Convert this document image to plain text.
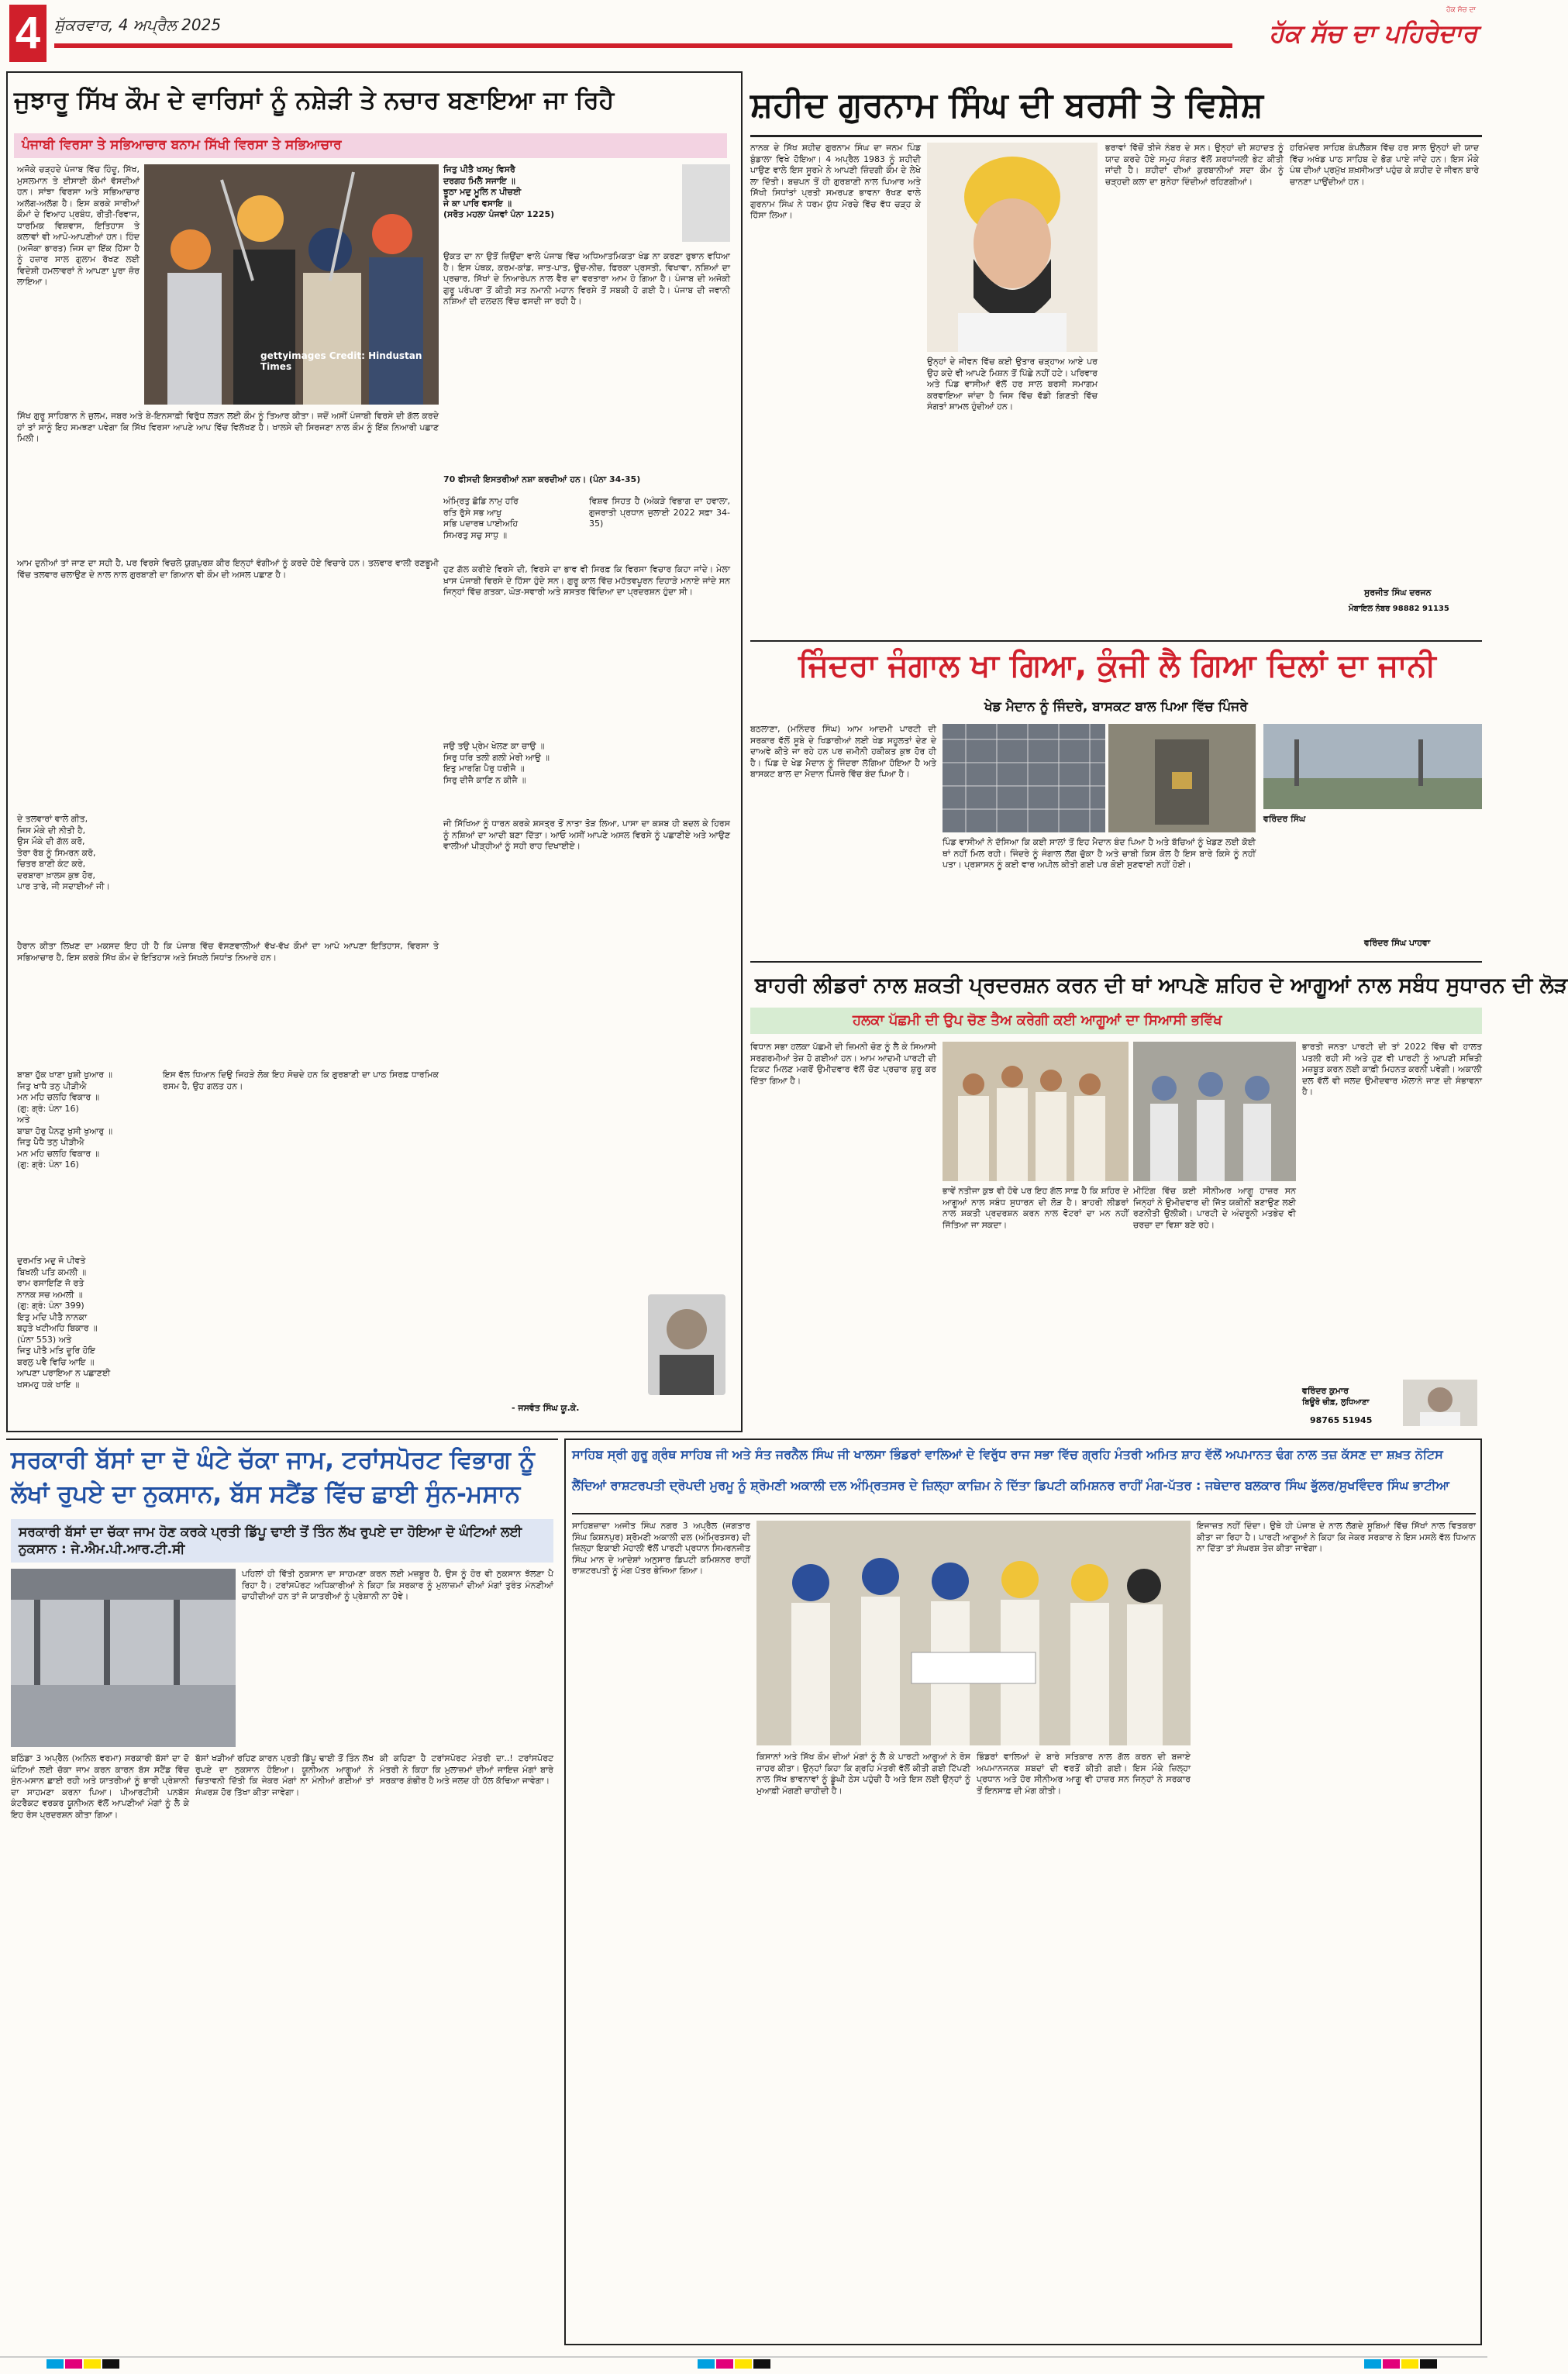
4 ਸ਼ੁੱਕਰਵਾਰ, 4 ਅਪ੍ਰੈਲ 2025
ਹੱਕ ਸੱਚ ਦਾ
ਹੱਕ ਸੱਚ ਦਾ ਪਹਿਰੇਦਾਰ
ਜੁਝਾਰੂ ਸਿੱਖ ਕੌਮ ਦੇ ਵਾਰਿਸਾਂ ਨੂੰ ਨਸ਼ੇੜੀ ਤੇ ਨਚਾਰ ਬਣਾਇਆ ਜਾ ਰਿਹੈ
ਪੰਜਾਬੀ ਵਿਰਸਾ ਤੇ ਸਭਿਆਚਾਰ ਬਨਾਮ ਸਿੱਖੀ ਵਿਰਸਾ ਤੇ ਸਭਿਆਚਾਰ
ਅਜੋਕੇ ਚੜ੍ਹਦੇ ਪੰਜਾਬ ਵਿੱਚ ਹਿੰਦੂ, ਸਿੱਖ, ਮੁਸਲਮਾਨ ਤੇ ਈਸਾਈ ਕੌਮਾਂ ਵੱਸਦੀਆਂ ਹਨ। ਸਾਂਝਾ ਵਿਰਸਾ ਅਤੇ ਸਭਿਆਚਾਰ ਅਲੱਗ-ਅਲੱਗ ਹੈ। ਇਸ ਕਰਕੇ ਸਾਰੀਆਂ ਕੌਮਾਂ ਦੇ ਵਿਆਹ ਪ੍ਰਬੰਧ, ਰੀਤੀ-ਰਿਵਾਜ, ਧਾਰਮਿਕ ਵਿਸ਼ਵਾਸ, ਇਤਿਹਾਸ ਤੇ ਕਲਾਵਾਂ ਵੀ ਆਪੋ-ਆਪਣੀਆਂ ਹਨ। ਹਿੰਦ (ਅਜੋਕਾ ਭਾਰਤ) ਜਿਸ ਦਾ ਇੱਕ ਹਿੱਸਾ ਹੈ ਨੂੰ ਹਜ਼ਾਰ ਸਾਲ ਗੁਲਾਮ ਰੱਖਣ ਲਈ ਵਿਦੇਸ਼ੀ ਹਮਲਾਵਰਾਂ ਨੇ ਆਪਣਾ ਪੂਰਾ ਜ਼ੋਰ ਲਾਇਆ।
gettyimages Credit: Hindustan Times
ਜਿਤੁ ਪੀਤੈ ਖਸਮੁ ਵਿਸਰੈ
ਦਰਗਹ ਮਿਲੈ ਸਜਾਇ ॥
ਝੂਠਾ ਮਦੁ ਮੂਲਿ ਨ ਪੀਚਈ
ਜੇ ਕਾ ਪਾਰਿ ਵਸਾਇ ॥
(ਸਰੋਤ ਮਹਲਾ ਪੰਜਵਾਂ ਪੰਨਾ 1225)
ਉਕਤ ਦਾ ਨਾ ਉਤੋਂ ਜ਼ਿਉਂਦਾ ਵਾਲੇ ਪੰਜਾਬ ਵਿੱਚ ਅਧਿਆਤਮਿਕਤਾ ਖੰਡ ਨਾ ਕਰਣਾ ਰੁਝਾਨ ਵਧਿਆ ਹੈ। ਇਸ ਪੰਥਕ, ਕਰਮ-ਕਾਂਡ, ਜਾਤ-ਪਾਤ, ਊਚ-ਨੀਚ, ਫਿਰਕਾ ਪ੍ਰਸਤੀ, ਵਿਖਾਵਾ, ਨਸ਼ਿਆਂ ਦਾ ਪ੍ਰਚਾਰ, ਸਿੱਖਾਂ ਦੇ ਨਿਆਰੇਪਨ ਨਾਲ ਵੈਰ ਦਾ ਵਰਤਾਰਾ ਆਮ ਹੋ ਗਿਆ ਹੈ। ਪੰਜਾਬ ਦੀ ਅਜੋਕੀ ਗੁਰੂ ਪਰੰਪਰਾ ਤੋਂ ਕੀਤੀ ਸਤ ਨਮਾਨੀ ਮਹਾਨ ਵਿਰਸੇ ਤੋਂ ਸਬਕੀ ਹੋ ਗਈ ਹੈ। ਪੰਜਾਬ ਦੀ ਜਵਾਨੀ ਨਸ਼ਿਆਂ ਦੀ ਦਲਦਲ ਵਿੱਚ ਫਸਦੀ ਜਾ ਰਹੀ ਹੈ।
ਸਿੱਖ ਗੁਰੂ ਸਾਹਿਬਾਨ ਨੇ ਜ਼ੁਲਮ, ਜਬਰ ਅਤੇ ਬੇ-ਇਨਸਾਫ਼ੀ ਵਿਰੁੱਧ ਲੜਨ ਲਈ ਕੌਮ ਨੂੰ ਤਿਆਰ ਕੀਤਾ। ਜਦੋਂ ਅਸੀਂ ਪੰਜਾਬੀ ਵਿਰਸੇ ਦੀ ਗੱਲ ਕਰਦੇ ਹਾਂ ਤਾਂ ਸਾਨੂੰ ਇਹ ਸਮਝਣਾ ਪਵੇਗਾ ਕਿ ਸਿੱਖ ਵਿਰਸਾ ਆਪਣੇ ਆਪ ਵਿੱਚ ਵਿਲੱਖਣ ਹੈ। ਖਾਲਸੇ ਦੀ ਸਿਰਜਣਾ ਨਾਲ ਕੌਮ ਨੂੰ ਇੱਕ ਨਿਆਰੀ ਪਛਾਣ ਮਿਲੀ।
70 ਫੀਸਦੀ ਇਸਤਰੀਆਂ ਨਸ਼ਾ ਕਰਦੀਆਂ ਹਨ। (ਪੰਨਾ 34-35)
ਅੰਮ੍ਰਿਤੁ ਛੋਡਿ ਨਾਮੁ ਹਰਿ
ਰਤਿ ਰੁੱਸੇ ਸਭ ਆਖੁ
ਸਭਿ ਪਦਾਰਥ ਪਾਈਅਹਿ
ਸਿਮਰਤੁ ਸਚੁ ਸਾਧੁ ॥
ਵਿਸ਼ਵ ਸਿਹਤ ਹੈ (ਅੰਕੜੇ ਵਿਭਾਗ ਦਾ ਹਵਾਲਾ, ਗੁਜਰਾਤੀ ਪ੍ਰਧਾਨ ਜੁਲਾਈ 2022 ਸਫ਼ਾ 34-35)
ਆਮ ਦੁਨੀਆਂ ਤਾਂ ਜਾਣ ਦਾ ਸਹੀ ਹੈ, ਪਰ ਵਿਰਸੇ ਵਿਚਲੇ ਯੁਗਪੁਰਸ਼ ਕੀਰ ਇਨ੍ਹਾਂ ਵੰਗੀਆਂ ਨੂੰ ਕਰਦੇ ਹੋਏ ਵਿਚਾਰੇ ਹਨ। ਤਲਵਾਰ ਵਾਲੀ ਰਣਭੂਮੀ ਵਿੱਚ ਤਲਵਾਰ ਚਲਾਉਣ ਦੇ ਨਾਲ ਨਾਲ ਗੁਰਬਾਣੀ ਦਾ ਗਿਆਨ ਵੀ ਕੌਮ ਦੀ ਅਸਲ ਪਛਾਣ ਹੈ।
ਹੁਣ ਗੱਲ ਕਰੀਏ ਵਿਰਸੇ ਦੀ, ਵਿਰਸੇ ਦਾ ਭਾਵ ਵੀ ਸਿਰਫ਼ ਕਿ ਵਿਰਸਾ ਵਿਚਾਰ ਕਿਹਾ ਜਾਂਦੇ। ਮੇਲਾ ਖ਼ਾਸ ਪੰਜਾਬੀ ਵਿਰਸੇ ਦੇ ਹਿੱਸਾ ਹੁੰਦੇ ਸਨ। ਗੁਰੂ ਕਾਲ ਵਿੱਚ ਮਹੱਤਵਪੂਰਨ ਦਿਹਾੜੇ ਮਨਾਏ ਜਾਂਦੇ ਸਨ ਜਿਨ੍ਹਾਂ ਵਿੱਚ ਗਤਕਾ, ਘੋੜ-ਸਵਾਰੀ ਅਤੇ ਸ਼ਸਤਰ ਵਿੱਦਿਆ ਦਾ ਪ੍ਰਦਰਸ਼ਨ ਹੁੰਦਾ ਸੀ।
ਜਉ ਤਉ ਪ੍ਰੇਮ ਖੇਲਣ ਕਾ ਚਾਉ ॥
ਸਿਰੁ ਧਰਿ ਤਲੀ ਗਲੀ ਮੇਰੀ ਆਉ ॥
ਇਤੁ ਮਾਰਗਿ ਪੈਰੁ ਧਰੀਜੈ ॥
ਸਿਰੁ ਦੀਜੈ ਕਾਣਿ ਨ ਕੀਜੈ ॥
ਦੇ ਤਲਵਾਰਾਂ ਵਾਲੇ ਗੀਤ,
ਜਿਸ ਮੌਕੇ ਦੀ ਨੀਤੀ ਹੈ,
ਉਸ ਮੌਕੇ ਦੀ ਗੱਲ ਕਰੋ,
ਤੇਰਾ ਰੱਬ ਨੂੰ ਸਿਮਰਨ ਕਰੋ,
ਚਿਤਰ ਬਾਣੀ ਕੰਟ ਕਰੇ,
ਦਰਬਾਰਾ ਖ਼ਾਲਸ ਕੁਝ ਹੋਰ,
ਪਾਰ ਤਾਰੇ, ਜੀ ਸਦਾਈਆਂ ਜੀ।
ਹੈਰਾਨ ਕੀਤਾ ਲਿਖਣ ਦਾ ਮਕਸਦ ਇਹ ਹੀ ਹੈ ਕਿ ਪੰਜਾਬ ਵਿੱਚ ਵੱਸਣਵਾਲੀਆਂ ਵੱਖ-ਵੱਖ ਕੌਮਾਂ ਦਾ ਆਪੋ ਆਪਣਾ ਇਤਿਹਾਸ, ਵਿਰਸਾ ਤੇ ਸਭਿਆਚਾਰ ਹੈ, ਇਸ ਕਰਕੇ ਸਿੱਖ ਕੌਮ ਦੇ ਇਤਿਹਾਸ ਅਤੇ ਸਿਖਲੇ ਸਿਧਾਂਤ ਨਿਆਰੇ ਹਨ।
ਬਾਬਾ ਹੁੱਕ ਖਾਣਾ ਖੁਸ਼ੀ ਖੁਆਰ ॥
ਜਿਤੁ ਖਾਧੈ ਤਨੁ ਪੀੜੀਐ
ਮਨ ਮਹਿ ਚਲਹਿ ਵਿਕਾਰ ॥
(ਗੁ: ਗ੍ਰੰ: ਪੰਨਾ 16)
ਅਤੇ
ਬਾਬਾ ਹੋਰੁ ਪੈਨਣੁ ਖੁਸੀ ਖੁਆਰੁ ॥
ਜਿਤੁ ਪੈਧੈ ਤਨੁ ਪੀੜੀਐ
ਮਨ ਮਹਿ ਚਲਹਿ ਵਿਕਾਰ ॥
(ਗੁ: ਗ੍ਰੰ: ਪੰਨਾ 16)
ਇਸ ਵੱਲ ਧਿਆਨ ਦਿਉ ਜਿਹੜੇ ਲੋਕ ਇਹ ਸੋਚਦੇ ਹਨ ਕਿ ਗੁਰਬਾਣੀ ਦਾ ਪਾਠ ਸਿਰਫ਼ ਧਾਰਮਿਕ ਰਸਮ ਹੈ, ਉਹ ਗਲਤ ਹਨ।
ਦੁਰਮਤਿ ਮਦੁ ਜੋ ਪੀਵਤੇ
ਬਿਖਲੀ ਪਤਿ ਕਮਲੀ ॥
ਰਾਮ ਰਸਾਇਣਿ ਜੋ ਰਤੇ
ਨਾਨਕ ਸਚ ਅਮਲੀ ॥
(ਗੁ: ਗ੍ਰੰ: ਪੰਨਾ 399)
ਇਤੁ ਮਦਿ ਪੀਤੈ ਨਾਨਕਾ
ਬਹੁਤੇ ਖਟੀਅਹਿ ਬਿਕਾਰ ॥
(ਪੰਨਾ 553) ਅਤੇ
ਜਿਤੁ ਪੀਤੈ ਮਤਿ ਦੂਰਿ ਹੋਇ
ਬਰਲੁ ਪਵੈ ਵਿਚਿ ਆਇ ॥
ਆਪਣਾ ਪਰਾਇਆ ਨ ਪਛਾਣਈ
ਖਸਮਹੁ ਧਕੇ ਖਾਇ ॥
ਜੀ ਸਿੱਖਿਆ ਨੂੰ ਧਾਰਨ ਕਰਕੇ ਸ਼ਸਤ੍ਰ ਤੋਂ ਨਾਤਾ ਤੋੜ ਲਿਆ, ਪਾਸਾ ਦਾ ਕਸ਼ਬ ਹੀ ਬਦਲ ਕੇ ਹਿਰਸ ਨੂੰ ਨਸ਼ਿਆਂ ਦਾ ਆਦੀ ਬਣਾ ਦਿੱਤਾ। ਆਓ ਅਸੀਂ ਆਪਣੇ ਅਸਲ ਵਿਰਸੇ ਨੂੰ ਪਛਾਣੀਏ ਅਤੇ ਆਉਣ ਵਾਲੀਆਂ ਪੀੜ੍ਹੀਆਂ ਨੂੰ ਸਹੀ ਰਾਹ ਦਿਖਾਈਏ।
- ਜਸਵੰਤ ਸਿੰਘ ਯੂ.ਕੇ.
ਸ਼ਹੀਦ ਗੁਰਨਾਮ ਸਿੰਘ ਦੀ ਬਰਸੀ ਤੇ ਵਿਸ਼ੇਸ਼
ਨਾਨਕ ਦੇ ਸਿੱਖ ਸ਼ਹੀਦ ਗੁਰਨਾਮ ਸਿੰਘ ਦਾ ਜਨਮ ਪਿੰਡ ਬੁੰਡਾਲਾ ਵਿਖੇ ਹੋਇਆ। 4 ਅਪ੍ਰੈਲ 1983 ਨੂੰ ਸ਼ਹੀਦੀ ਪਾਉਣ ਵਾਲੇ ਇਸ ਸੂਰਮੇ ਨੇ ਆਪਣੀ ਜ਼ਿੰਦਗੀ ਕੌਮ ਦੇ ਲੇਖੇ ਲਾ ਦਿੱਤੀ। ਬਚਪਨ ਤੋਂ ਹੀ ਗੁਰਬਾਣੀ ਨਾਲ ਪਿਆਰ ਅਤੇ ਸਿੱਖੀ ਸਿਧਾਂਤਾਂ ਪ੍ਰਤੀ ਸਮਰਪਣ ਭਾਵਨਾ ਰੱਖਣ ਵਾਲੇ ਗੁਰਨਾਮ ਸਿੰਘ ਨੇ ਧਰਮ ਯੁੱਧ ਮੋਰਚੇ ਵਿੱਚ ਵੱਧ ਚੜ੍ਹ ਕੇ ਹਿੱਸਾ ਲਿਆ।
ਉਨ੍ਹਾਂ ਦੇ ਜੀਵਨ ਵਿੱਚ ਕਈ ਉਤਾਰ ਚੜ੍ਹਾਅ ਆਏ ਪਰ ਉਹ ਕਦੇ ਵੀ ਆਪਣੇ ਮਿਸ਼ਨ ਤੋਂ ਪਿੱਛੇ ਨਹੀਂ ਹਟੇ। ਪਰਿਵਾਰ ਅਤੇ ਪਿੰਡ ਵਾਸੀਆਂ ਵੱਲੋਂ ਹਰ ਸਾਲ ਬਰਸੀ ਸਮਾਗਮ ਕਰਵਾਇਆ ਜਾਂਦਾ ਹੈ ਜਿਸ ਵਿੱਚ ਵੱਡੀ ਗਿਣਤੀ ਵਿੱਚ ਸੰਗਤਾਂ ਸ਼ਾਮਲ ਹੁੰਦੀਆਂ ਹਨ।
ਭਰਾਵਾਂ ਵਿੱਚੋਂ ਤੀਜੇ ਨੰਬਰ ਦੇ ਸਨ। ਉਨ੍ਹਾਂ ਦੀ ਸ਼ਹਾਦਤ ਨੂੰ ਯਾਦ ਕਰਦੇ ਹੋਏ ਸਮੂਹ ਸੰਗਤ ਵੱਲੋਂ ਸ਼ਰਧਾਂਜਲੀ ਭੇਟ ਕੀਤੀ ਜਾਂਦੀ ਹੈ। ਸ਼ਹੀਦਾਂ ਦੀਆਂ ਕੁਰਬਾਨੀਆਂ ਸਦਾ ਕੌਮ ਨੂੰ ਚੜ੍ਹਦੀ ਕਲਾ ਦਾ ਸੁਨੇਹਾ ਦਿੰਦੀਆਂ ਰਹਿਣਗੀਆਂ।
ਹਰਿਮੰਦਰ ਸਾਹਿਬ ਕੰਪਲੈਕਸ ਵਿੱਚ ਹਰ ਸਾਲ ਉਨ੍ਹਾਂ ਦੀ ਯਾਦ ਵਿੱਚ ਅਖੰਡ ਪਾਠ ਸਾਹਿਬ ਦੇ ਭੋਗ ਪਾਏ ਜਾਂਦੇ ਹਨ। ਇਸ ਮੌਕੇ ਪੰਥ ਦੀਆਂ ਪ੍ਰਮੁੱਖ ਸ਼ਖ਼ਸੀਅਤਾਂ ਪਹੁੰਚ ਕੇ ਸ਼ਹੀਦ ਦੇ ਜੀਵਨ ਬਾਰੇ ਚਾਨਣਾ ਪਾਉਂਦੀਆਂ ਹਨ।
ਸੁਰਜੀਤ ਸਿੰਘ ਦਰਜਨ
ਮੋਬਾਇਲ ਨੰਬਰ 98882 91135
ਜਿੰਦਰਾ ਜੰਗਾਲ ਖਾ ਗਿਆ, ਕੁੰਜੀ ਲੈ ਗਿਆ ਦਿਲਾਂ ਦਾ ਜਾਨੀ
ਖੇਡ ਮੈਦਾਨ ਨੂੰ ਜਿੰਦਰੇ, ਬਾਸਕਟ ਬਾਲ ਪਿਆ ਵਿੱਚ ਪਿੰਜਰੇ
ਬਠਲਾਣਾ, (ਮਨਿੰਦਰ ਸਿੰਘ) ਆਮ ਆਦਮੀ ਪਾਰਟੀ ਦੀ ਸਰਕਾਰ ਵੱਲੋਂ ਸੂਬੇ ਦੇ ਖਿਡਾਰੀਆਂ ਲਈ ਖੇਡ ਸਹੂਲਤਾਂ ਦੇਣ ਦੇ ਦਾਅਵੇ ਕੀਤੇ ਜਾ ਰਹੇ ਹਨ ਪਰ ਜ਼ਮੀਨੀ ਹਕੀਕਤ ਕੁਝ ਹੋਰ ਹੀ ਹੈ। ਪਿੰਡ ਦੇ ਖੇਡ ਮੈਦਾਨ ਨੂੰ ਜਿੰਦਰਾ ਲੱਗਿਆ ਹੋਇਆ ਹੈ ਅਤੇ ਬਾਸਕਟ ਬਾਲ ਦਾ ਮੈਦਾਨ ਪਿੰਜਰੇ ਵਿੱਚ ਬੰਦ ਪਿਆ ਹੈ।
ਪਿੰਡ ਵਾਸੀਆਂ ਨੇ ਦੱਸਿਆ ਕਿ ਕਈ ਸਾਲਾਂ ਤੋਂ ਇਹ ਮੈਦਾਨ ਬੰਦ ਪਿਆ ਹੈ ਅਤੇ ਬੱਚਿਆਂ ਨੂੰ ਖੇਡਣ ਲਈ ਕੋਈ ਥਾਂ ਨਹੀਂ ਮਿਲ ਰਹੀ। ਜਿੰਦਰੇ ਨੂੰ ਜੰਗਾਲ ਲੱਗ ਚੁੱਕਾ ਹੈ ਅਤੇ ਚਾਬੀ ਕਿਸ ਕੋਲ ਹੈ ਇਸ ਬਾਰੇ ਕਿਸੇ ਨੂੰ ਨਹੀਂ ਪਤਾ। ਪ੍ਰਸ਼ਾਸਨ ਨੂੰ ਕਈ ਵਾਰ ਅਪੀਲ ਕੀਤੀ ਗਈ ਪਰ ਕੋਈ ਸੁਣਵਾਈ ਨਹੀਂ ਹੋਈ।
ਵਰਿੰਦਰ ਸਿੰਘ
ਵਰਿੰਦਰ ਸਿੰਘ ਪਾਹਵਾ
ਬਾਹਰੀ ਲੀਡਰਾਂ ਨਾਲ ਸ਼ਕਤੀ ਪ੍ਰਦਰਸ਼ਨ ਕਰਨ ਦੀ ਥਾਂ ਆਪਣੇ ਸ਼ਹਿਰ ਦੇ ਆਗੂਆਂ ਨਾਲ ਸਬੰਧ ਸੁਧਾਰਨ ਦੀ ਲੋੜ
ਹਲਕਾ ਪੱਛਮੀ ਦੀ ਉਪ ਚੋਣ ਤੈਅ ਕਰੇਗੀ ਕਈ ਆਗੂਆਂ ਦਾ ਸਿਆਸੀ ਭਵਿੱਖ
ਵਿਧਾਨ ਸਭਾ ਹਲਕਾ ਪੱਛਮੀ ਦੀ ਜ਼ਿਮਨੀ ਚੋਣ ਨੂੰ ਲੈ ਕੇ ਸਿਆਸੀ ਸਰਗਰਮੀਆਂ ਤੇਜ਼ ਹੋ ਗਈਆਂ ਹਨ। ਆਮ ਆਦਮੀ ਪਾਰਟੀ ਦੀ ਟਿਕਟ ਮਿਲਣ ਮਗਰੋਂ ਉਮੀਦਵਾਰ ਵੱਲੋਂ ਚੋਣ ਪ੍ਰਚਾਰ ਸ਼ੁਰੂ ਕਰ ਦਿੱਤਾ ਗਿਆ ਹੈ।
ਭਾਵੇਂ ਨਤੀਜਾ ਕੁਝ ਵੀ ਹੋਵੇ ਪਰ ਇਹ ਗੱਲ ਸਾਫ਼ ਹੈ ਕਿ ਸ਼ਹਿਰ ਦੇ ਆਗੂਆਂ ਨਾਲ ਸਬੰਧ ਸੁਧਾਰਨ ਦੀ ਲੋੜ ਹੈ। ਬਾਹਰੀ ਲੀਡਰਾਂ ਨਾਲ ਸ਼ਕਤੀ ਪ੍ਰਦਰਸ਼ਨ ਕਰਨ ਨਾਲ ਵੋਟਰਾਂ ਦਾ ਮਨ ਨਹੀਂ ਜਿੱਤਿਆ ਜਾ ਸਕਦਾ।
ਮੀਟਿੰਗ ਵਿੱਚ ਕਈ ਸੀਨੀਅਰ ਆਗੂ ਹਾਜ਼ਰ ਸਨ ਜਿਨ੍ਹਾਂ ਨੇ ਉਮੀਦਵਾਰ ਦੀ ਜਿੱਤ ਯਕੀਨੀ ਬਣਾਉਣ ਲਈ ਰਣਨੀਤੀ ਉਲੀਕੀ। ਪਾਰਟੀ ਦੇ ਅੰਦਰੂਨੀ ਮਤਭੇਦ ਵੀ ਚਰਚਾ ਦਾ ਵਿਸ਼ਾ ਬਣੇ ਰਹੇ।
ਭਾਰਤੀ ਜਨਤਾ ਪਾਰਟੀ ਦੀ ਤਾਂ 2022 ਵਿੱਚ ਵੀ ਹਾਲਤ ਪਤਲੀ ਰਹੀ ਸੀ ਅਤੇ ਹੁਣ ਵੀ ਪਾਰਟੀ ਨੂੰ ਆਪਣੀ ਸਥਿਤੀ ਮਜ਼ਬੂਤ ਕਰਨ ਲਈ ਕਾਫ਼ੀ ਮਿਹਨਤ ਕਰਨੀ ਪਵੇਗੀ। ਅਕਾਲੀ ਦਲ ਵੱਲੋਂ ਵੀ ਜਲਦ ਉਮੀਦਵਾਰ ਐਲਾਨੇ ਜਾਣ ਦੀ ਸੰਭਾਵਨਾ ਹੈ।
ਵਰਿੰਦਰ ਕੁਮਾਰ
ਬਿਊਰੋ ਚੀਫ਼, ਲੁਧਿਆਣਾ
98765 51945
ਸਰਕਾਰੀ ਬੱਸਾਂ ਦਾ ਦੋ ਘੰਟੇ ਚੱਕਾ ਜਾਮ, ਟਰਾਂਸਪੋਰਟ ਵਿਭਾਗ ਨੂੰ
ਲੱਖਾਂ ਰੁਪਏ ਦਾ ਨੁਕਸਾਨ, ਬੱਸ ਸਟੈਂਡ ਵਿੱਚ ਛਾਈ ਸੁੰਨ-ਮਸਾਨ
ਸਰਕਾਰੀ ਬੱਸਾਂ ਦਾ ਚੱਕਾ ਜਾਮ ਹੋਣ ਕਰਕੇ ਪ੍ਰਤੀ ਡਿੱਪੂ ਢਾਈ ਤੋਂ ਤਿੰਨ ਲੱਖ ਰੁਪਏ ਦਾ ਹੋਇਆ ਦੋ ਘੰਟਿਆਂ ਲਈ ਨੁਕਸਾਨ : ਜੇ.ਐਮ.ਪੀ.ਆਰ.ਟੀ.ਸੀ
ਪਹਿਲਾਂ ਹੀ ਵਿੱਤੀ ਨੁਕਸਾਨ ਦਾ ਸਾਹਮਣਾ ਕਰਨ ਲਈ ਮਜ਼ਬੂਰ ਹੈ, ਉਸ ਨੂੰ ਹੋਰ ਵੀ ਨੁਕਸਾਨ ਝੱਲਣਾ ਪੈ ਰਿਹਾ ਹੈ। ਟਰਾਂਸਪੋਰਟ ਅਧਿਕਾਰੀਆਂ ਨੇ ਕਿਹਾ ਕਿ ਸਰਕਾਰ ਨੂੰ ਮੁਲਾਜ਼ਮਾਂ ਦੀਆਂ ਮੰਗਾਂ ਤੁਰੰਤ ਮੰਨਣੀਆਂ ਚਾਹੀਦੀਆਂ ਹਨ ਤਾਂ ਜੋ ਯਾਤਰੀਆਂ ਨੂੰ ਪ੍ਰੇਸ਼ਾਨੀ ਨਾ ਹੋਵੇ।
ਬਠਿੰਡਾ 3 ਅਪ੍ਰੈਲ (ਅਨਿਲ ਵਰਮਾ) ਸਰਕਾਰੀ ਬੱਸਾਂ ਦਾ ਦੋ ਘੰਟਿਆਂ ਲਈ ਚੱਕਾ ਜਾਮ ਕਰਨ ਕਾਰਨ ਬੱਸ ਸਟੈਂਡ ਵਿੱਚ ਸੁੰਨ-ਮਸਾਨ ਛਾਈ ਰਹੀ ਅਤੇ ਯਾਤਰੀਆਂ ਨੂੰ ਭਾਰੀ ਪ੍ਰੇਸ਼ਾਨੀ ਦਾ ਸਾਹਮਣਾ ਕਰਨਾ ਪਿਆ। ਪੀਆਰਟੀਸੀ ਪਨਬੱਸ ਕੰਟਰੈਕਟ ਵਰਕਰ ਯੂਨੀਅਨ ਵੱਲੋਂ ਆਪਣੀਆਂ ਮੰਗਾਂ ਨੂੰ ਲੈ ਕੇ ਇਹ ਰੋਸ ਪ੍ਰਦਰਸ਼ਨ ਕੀਤਾ ਗਿਆ।
ਬੱਸਾਂ ਖੜੀਆਂ ਰਹਿਣ ਕਾਰਨ ਪ੍ਰਤੀ ਡਿੱਪੂ ਢਾਈ ਤੋਂ ਤਿੰਨ ਲੱਖ ਰੁਪਏ ਦਾ ਨੁਕਸਾਨ ਹੋਇਆ। ਯੂਨੀਅਨ ਆਗੂਆਂ ਨੇ ਚਿਤਾਵਨੀ ਦਿੱਤੀ ਕਿ ਜੇਕਰ ਮੰਗਾਂ ਨਾ ਮੰਨੀਆਂ ਗਈਆਂ ਤਾਂ ਸੰਘਰਸ਼ ਹੋਰ ਤਿੱਖਾ ਕੀਤਾ ਜਾਵੇਗਾ।
ਕੀ ਕਹਿਣਾ ਹੈ ਟਰਾਂਸਪੋਰਟ ਮੰਤਰੀ ਦਾ..! ਟਰਾਂਸਪੋਰਟ ਮੰਤਰੀ ਨੇ ਕਿਹਾ ਕਿ ਮੁਲਾਜ਼ਮਾਂ ਦੀਆਂ ਜਾਇਜ਼ ਮੰਗਾਂ ਬਾਰੇ ਸਰਕਾਰ ਗੰਭੀਰ ਹੈ ਅਤੇ ਜਲਦ ਹੀ ਹੱਲ ਕੱਢਿਆ ਜਾਵੇਗਾ।
ਸਾਹਿਬ ਸ੍ਰੀ ਗੁਰੂ ਗ੍ਰੰਥ ਸਾਹਿਬ ਜੀ ਅਤੇ ਸੰਤ ਜਰਨੈਲ ਸਿੰਘ ਜੀ ਖਾਲਸਾ ਭਿੰਡਰਾਂ ਵਾਲਿਆਂ ਦੇ ਵਿਰੁੱਧ ਰਾਜ ਸਭਾ ਵਿੱਚ ਗ੍ਰਹਿ ਮੰਤਰੀ ਅਮਿਤ ਸ਼ਾਹ ਵੱਲੋਂ ਅਪਮਾਨਤ ਢੰਗ ਨਾਲ ਤਜ਼ ਕੱਸਣ ਦਾ ਸ਼ਖ਼ਤ ਨੋਟਿਸ
ਲੈਂਦਿਆਂ ਰਾਸ਼ਟਰਪਤੀ ਦ੍ਰੋਪਦੀ ਮੁਰਮੂ ਨੂੰ ਸ਼੍ਰੋਮਣੀ ਅਕਾਲੀ ਦਲ ਅੰਮ੍ਰਿਤਸਰ ਦੇ ਜ਼ਿਲ੍ਹਾ ਕਾਜ਼ਿਮ ਨੇ ਦਿੱਤਾ ਡਿਪਟੀ ਕਮਿਸ਼ਨਰ ਰਾਹੀਂ ਮੰਗ-ਪੱਤਰ : ਜਥੇਦਾਰ ਬਲਕਾਰ ਸਿੰਘ ਭੁੱਲਰ/ਸੁਖਵਿੰਦਰ ਸਿੰਘ ਭਾਟੀਆ
ਸਾਹਿਬਜ਼ਾਦਾ ਅਜੀਤ ਸਿੰਘ ਨਗਰ 3 ਅਪ੍ਰੈਲ (ਜਗਤਾਰ ਸਿੰਘ ਕਿਸ਼ਨਪੁਰ) ਸ਼੍ਰੋਮਣੀ ਅਕਾਲੀ ਦਲ (ਅੰਮ੍ਰਿਤਸਰ) ਦੀ ਜ਼ਿਲ੍ਹਾ ਇਕਾਈ ਮੋਹਾਲੀ ਵੱਲੋਂ ਪਾਰਟੀ ਪ੍ਰਧਾਨ ਸਿਮਰਨਜੀਤ ਸਿੰਘ ਮਾਨ ਦੇ ਆਦੇਸ਼ਾਂ ਅਨੁਸਾਰ ਡਿਪਟੀ ਕਮਿਸ਼ਨਰ ਰਾਹੀਂ ਰਾਸ਼ਟਰਪਤੀ ਨੂੰ ਮੰਗ ਪੱਤਰ ਭੇਜਿਆ ਗਿਆ।
ਕਿਸਾਨਾਂ ਅਤੇ ਸਿੱਖ ਕੌਮ ਦੀਆਂ ਮੰਗਾਂ ਨੂੰ ਲੈ ਕੇ ਪਾਰਟੀ ਆਗੂਆਂ ਨੇ ਰੋਸ ਜ਼ਾਹਰ ਕੀਤਾ। ਉਨ੍ਹਾਂ ਕਿਹਾ ਕਿ ਗ੍ਰਹਿ ਮੰਤਰੀ ਵੱਲੋਂ ਕੀਤੀ ਗਈ ਟਿੱਪਣੀ ਨਾਲ ਸਿੱਖ ਭਾਵਨਾਵਾਂ ਨੂੰ ਡੂੰਘੀ ਠੇਸ ਪਹੁੰਚੀ ਹੈ ਅਤੇ ਇਸ ਲਈ ਉਨ੍ਹਾਂ ਨੂੰ ਮੁਆਫ਼ੀ ਮੰਗਣੀ ਚਾਹੀਦੀ ਹੈ।
ਭਿੰਡਰਾਂ ਵਾਲਿਆਂ ਦੇ ਬਾਰੇ ਸਤਿਕਾਰ ਨਾਲ ਗੱਲ ਕਰਨ ਦੀ ਬਜਾਏ ਅਪਮਾਨਜਨਕ ਸ਼ਬਦਾਂ ਦੀ ਵਰਤੋਂ ਕੀਤੀ ਗਈ। ਇਸ ਮੌਕੇ ਜ਼ਿਲ੍ਹਾ ਪ੍ਰਧਾਨ ਅਤੇ ਹੋਰ ਸੀਨੀਅਰ ਆਗੂ ਵੀ ਹਾਜ਼ਰ ਸਨ ਜਿਨ੍ਹਾਂ ਨੇ ਸਰਕਾਰ ਤੋਂ ਇਨਸਾਫ਼ ਦੀ ਮੰਗ ਕੀਤੀ।
ਇਜਾਜ਼ਤ ਨਹੀਂ ਦਿੰਦਾ। ਉਥੇ ਹੀ ਪੰਜਾਬ ਦੇ ਨਾਲ ਲੱਗਦੇ ਸੂਬਿਆਂ ਵਿੱਚ ਸਿੱਖਾਂ ਨਾਲ ਵਿਤਕਰਾ ਕੀਤਾ ਜਾ ਰਿਹਾ ਹੈ। ਪਾਰਟੀ ਆਗੂਆਂ ਨੇ ਕਿਹਾ ਕਿ ਜੇਕਰ ਸਰਕਾਰ ਨੇ ਇਸ ਮਸਲੇ ਵੱਲ ਧਿਆਨ ਨਾ ਦਿੱਤਾ ਤਾਂ ਸੰਘਰਸ਼ ਤੇਜ਼ ਕੀਤਾ ਜਾਵੇਗਾ।
